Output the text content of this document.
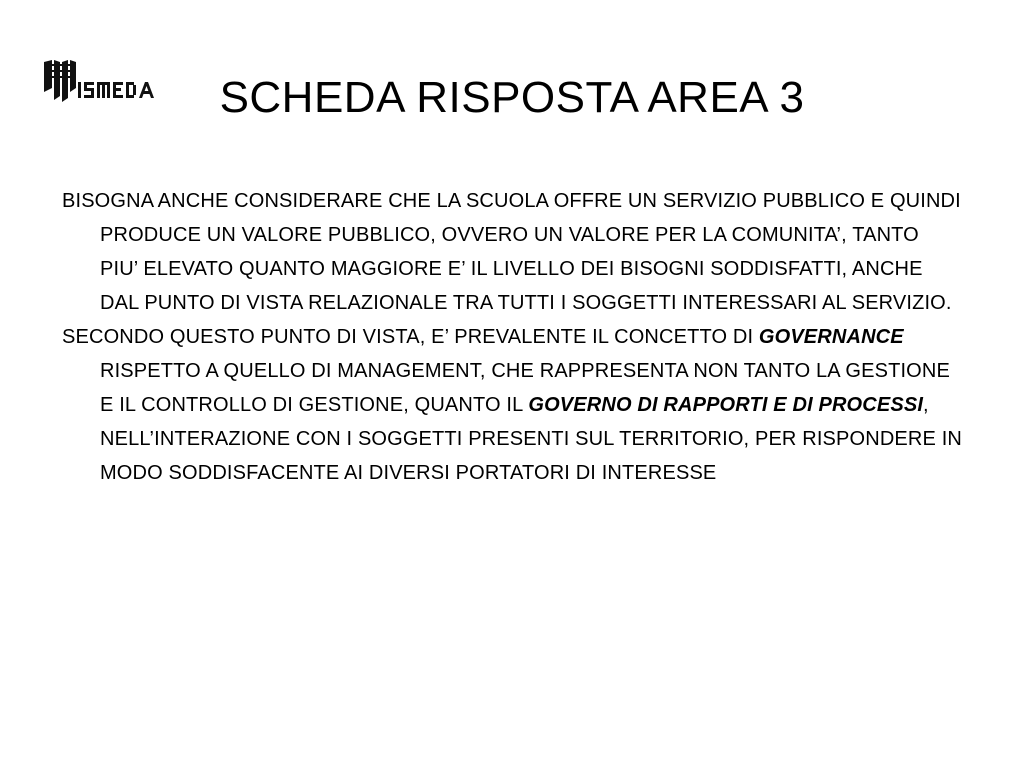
SCHEDA RISPOSTA AREA 3

BISOGNA ANCHE CONSIDERARE CHE LA SCUOLA OFFRE UN SERVIZIO PUBBLICO E QUINDI PRODUCE UN VALORE PUBBLICO, OVVERO UN VALORE PER LA COMUNITA’, TANTO PIU’ ELEVATO QUANTO MAGGIORE E’ IL LIVELLO DEI BISOGNI SODDISFATTI, ANCHE DAL PUNTO DI VISTA RELAZIONALE TRA TUTTI I SOGGETTI INTERESSARI AL SERVIZIO.

SECONDO QUESTO PUNTO DI VISTA, E’ PREVALENTE IL CONCETTO DI GOVERNANCE RISPETTO A QUELLO DI MANAGEMENT, CHE RAPPRESENTA NON TANTO LA GESTIONE E IL CONTROLLO DI GESTIONE, QUANTO IL GOVERNO DI RAPPORTI E DI PROCESSI, NELL’INTERAZIONE CON I SOGGETTI PRESENTI SUL TERRITORIO, PER RISPONDERE IN MODO SODDISFACENTE AI DIVERSI PORTATORI DI INTERESSE
